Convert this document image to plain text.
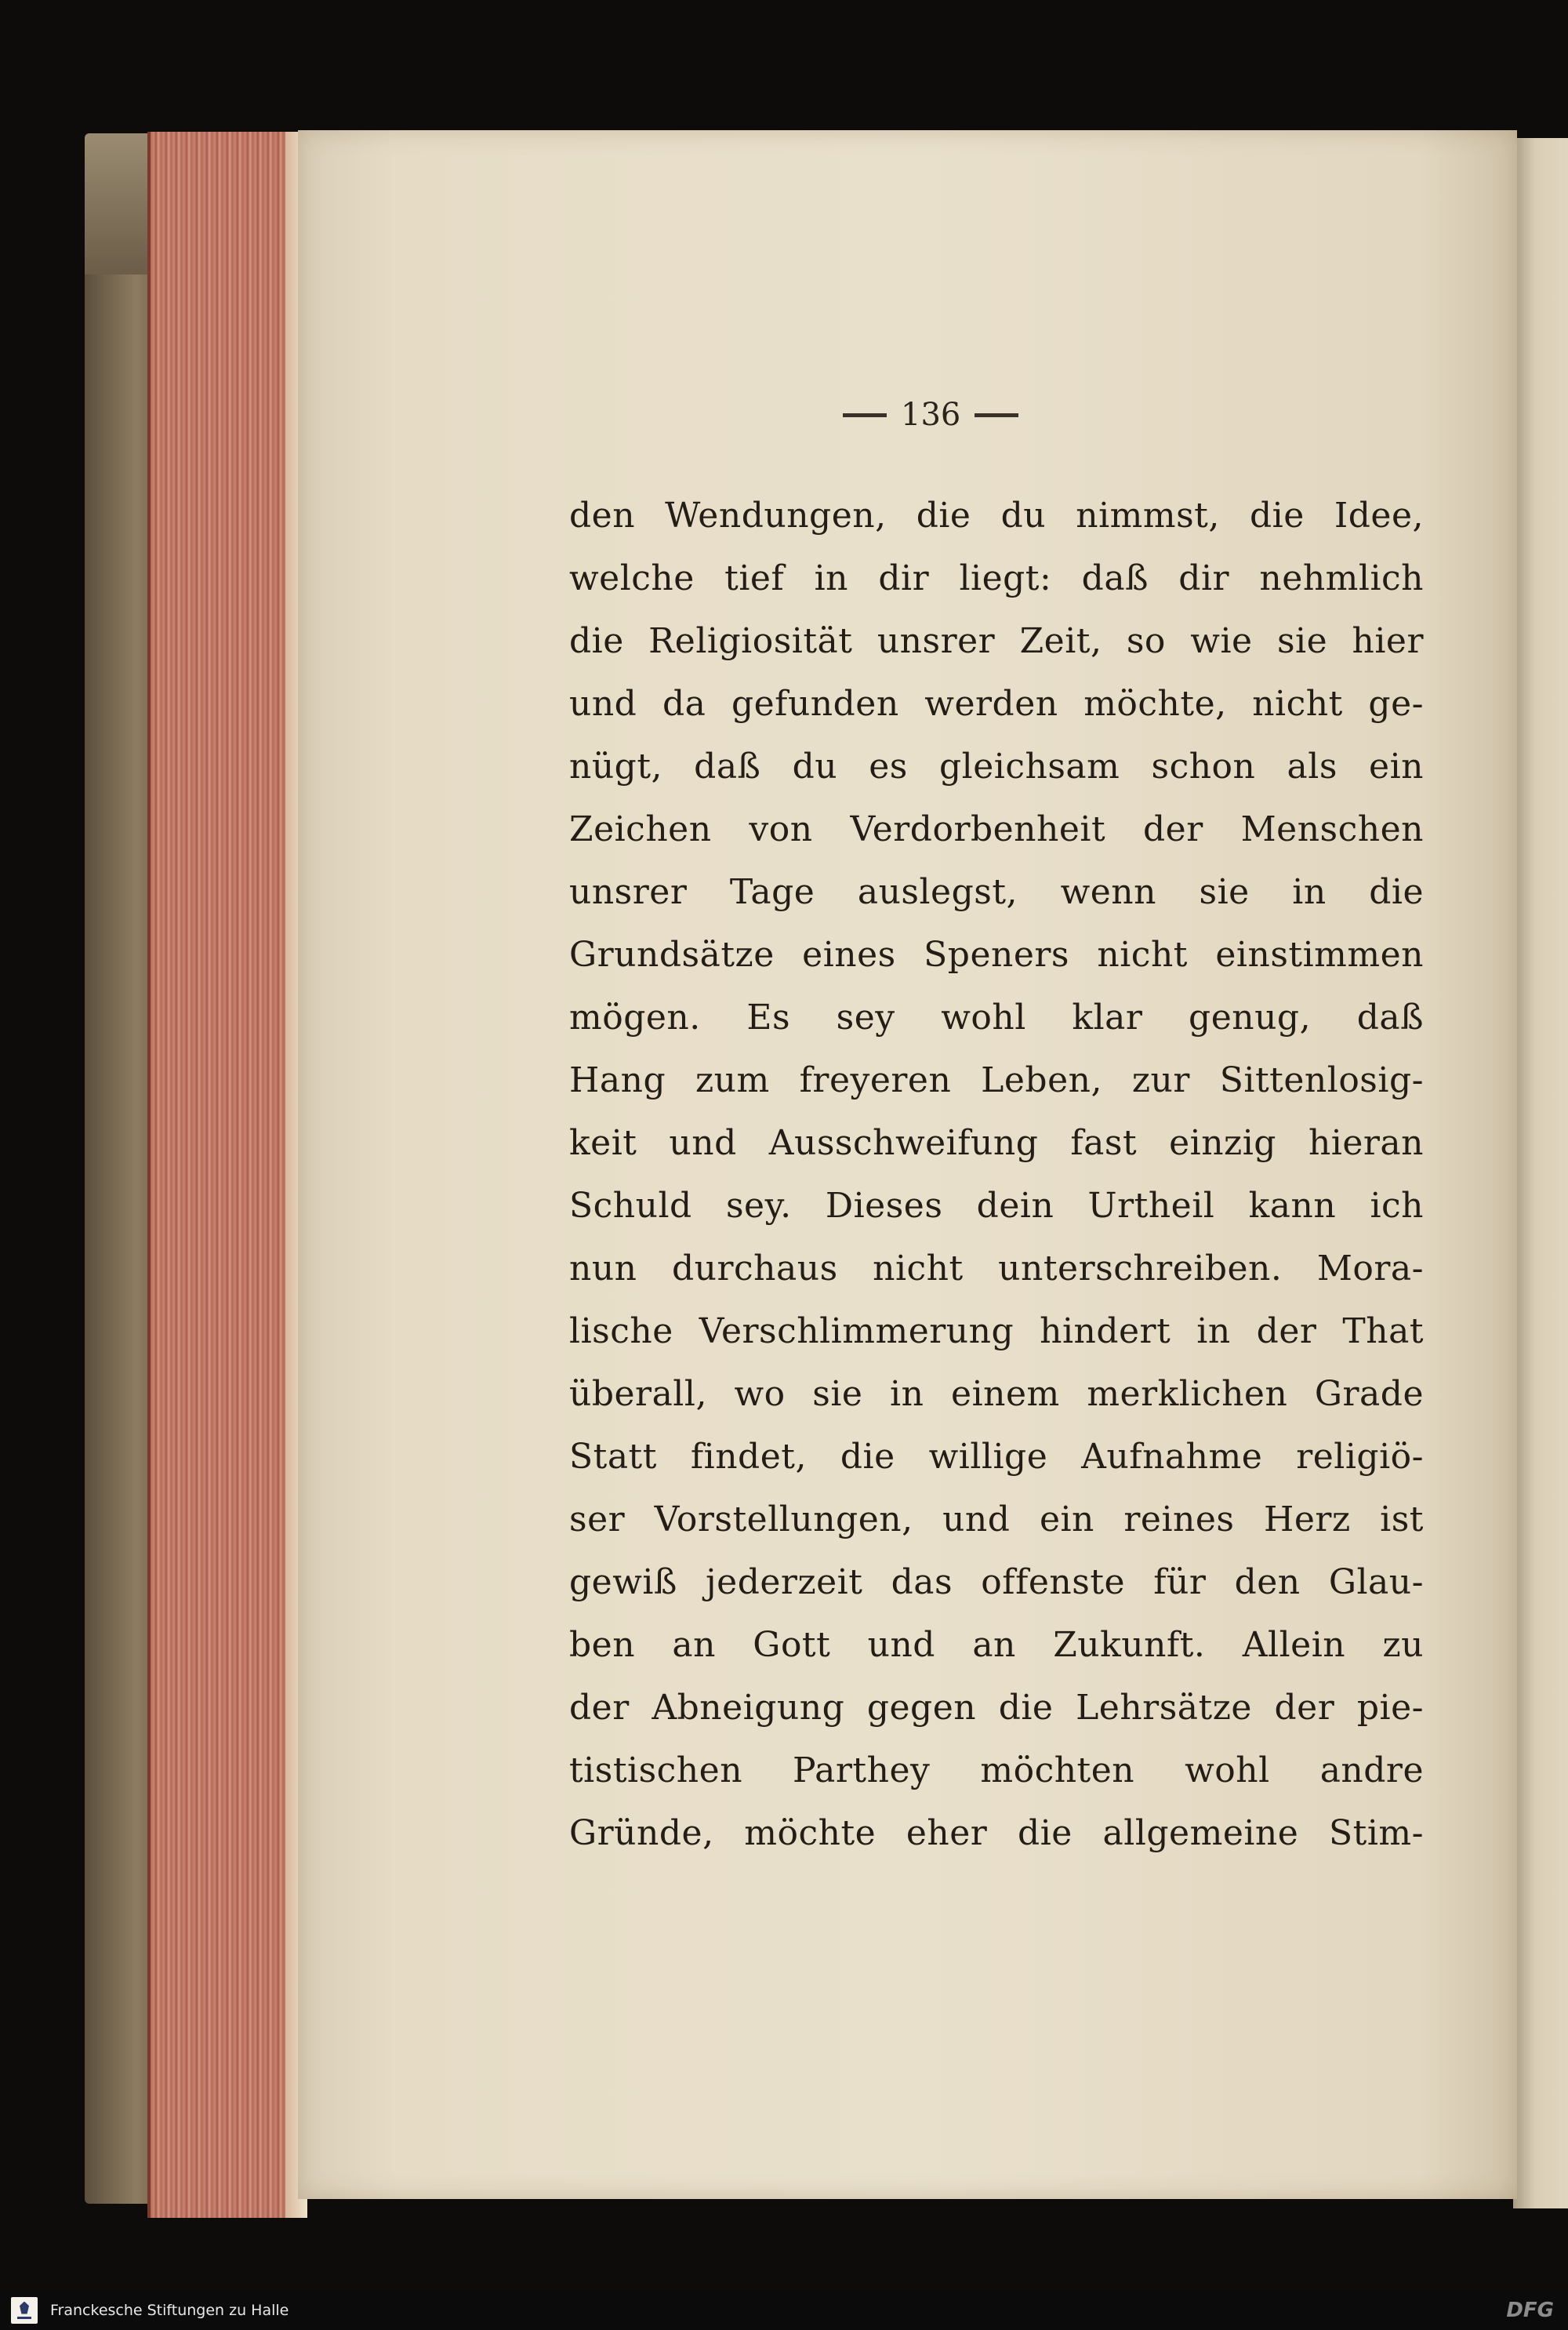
136
den Wendungen, die du nimmst, die Idee,
welche tief in dir liegt: daß dir nehmlich
die Religiosität unsrer Zeit, so wie sie hier
und da gefunden werden möchte, nicht ge-
nügt, daß du es gleichsam schon als ein
Zeichen von Verdorbenheit der Menschen
unsrer Tage auslegst, wenn sie in die
Grundsätze eines Speners nicht einstimmen
mögen. Es sey wohl klar genug, daß
Hang zum freyeren Leben, zur Sittenlosig-
keit und Ausschweifung fast einzig hieran
Schuld sey. Dieses dein Urtheil kann ich
nun durchaus nicht unterschreiben. Mora-
lische Verschlimmerung hindert in der That
überall, wo sie in einem merklichen Grade
Statt findet, die willige Aufnahme religiö-
ser Vorstellungen, und ein reines Herz ist
gewiß jederzeit das offenste für den Glau-
ben an Gott und an Zukunft. Allein zu
der Abneigung gegen die Lehrsätze der pie-
tistischen Parthey möchten wohl andre
Gründe, möchte eher die allgemeine Stim-
Franckesche Stiftungen zu Halle	DFG
